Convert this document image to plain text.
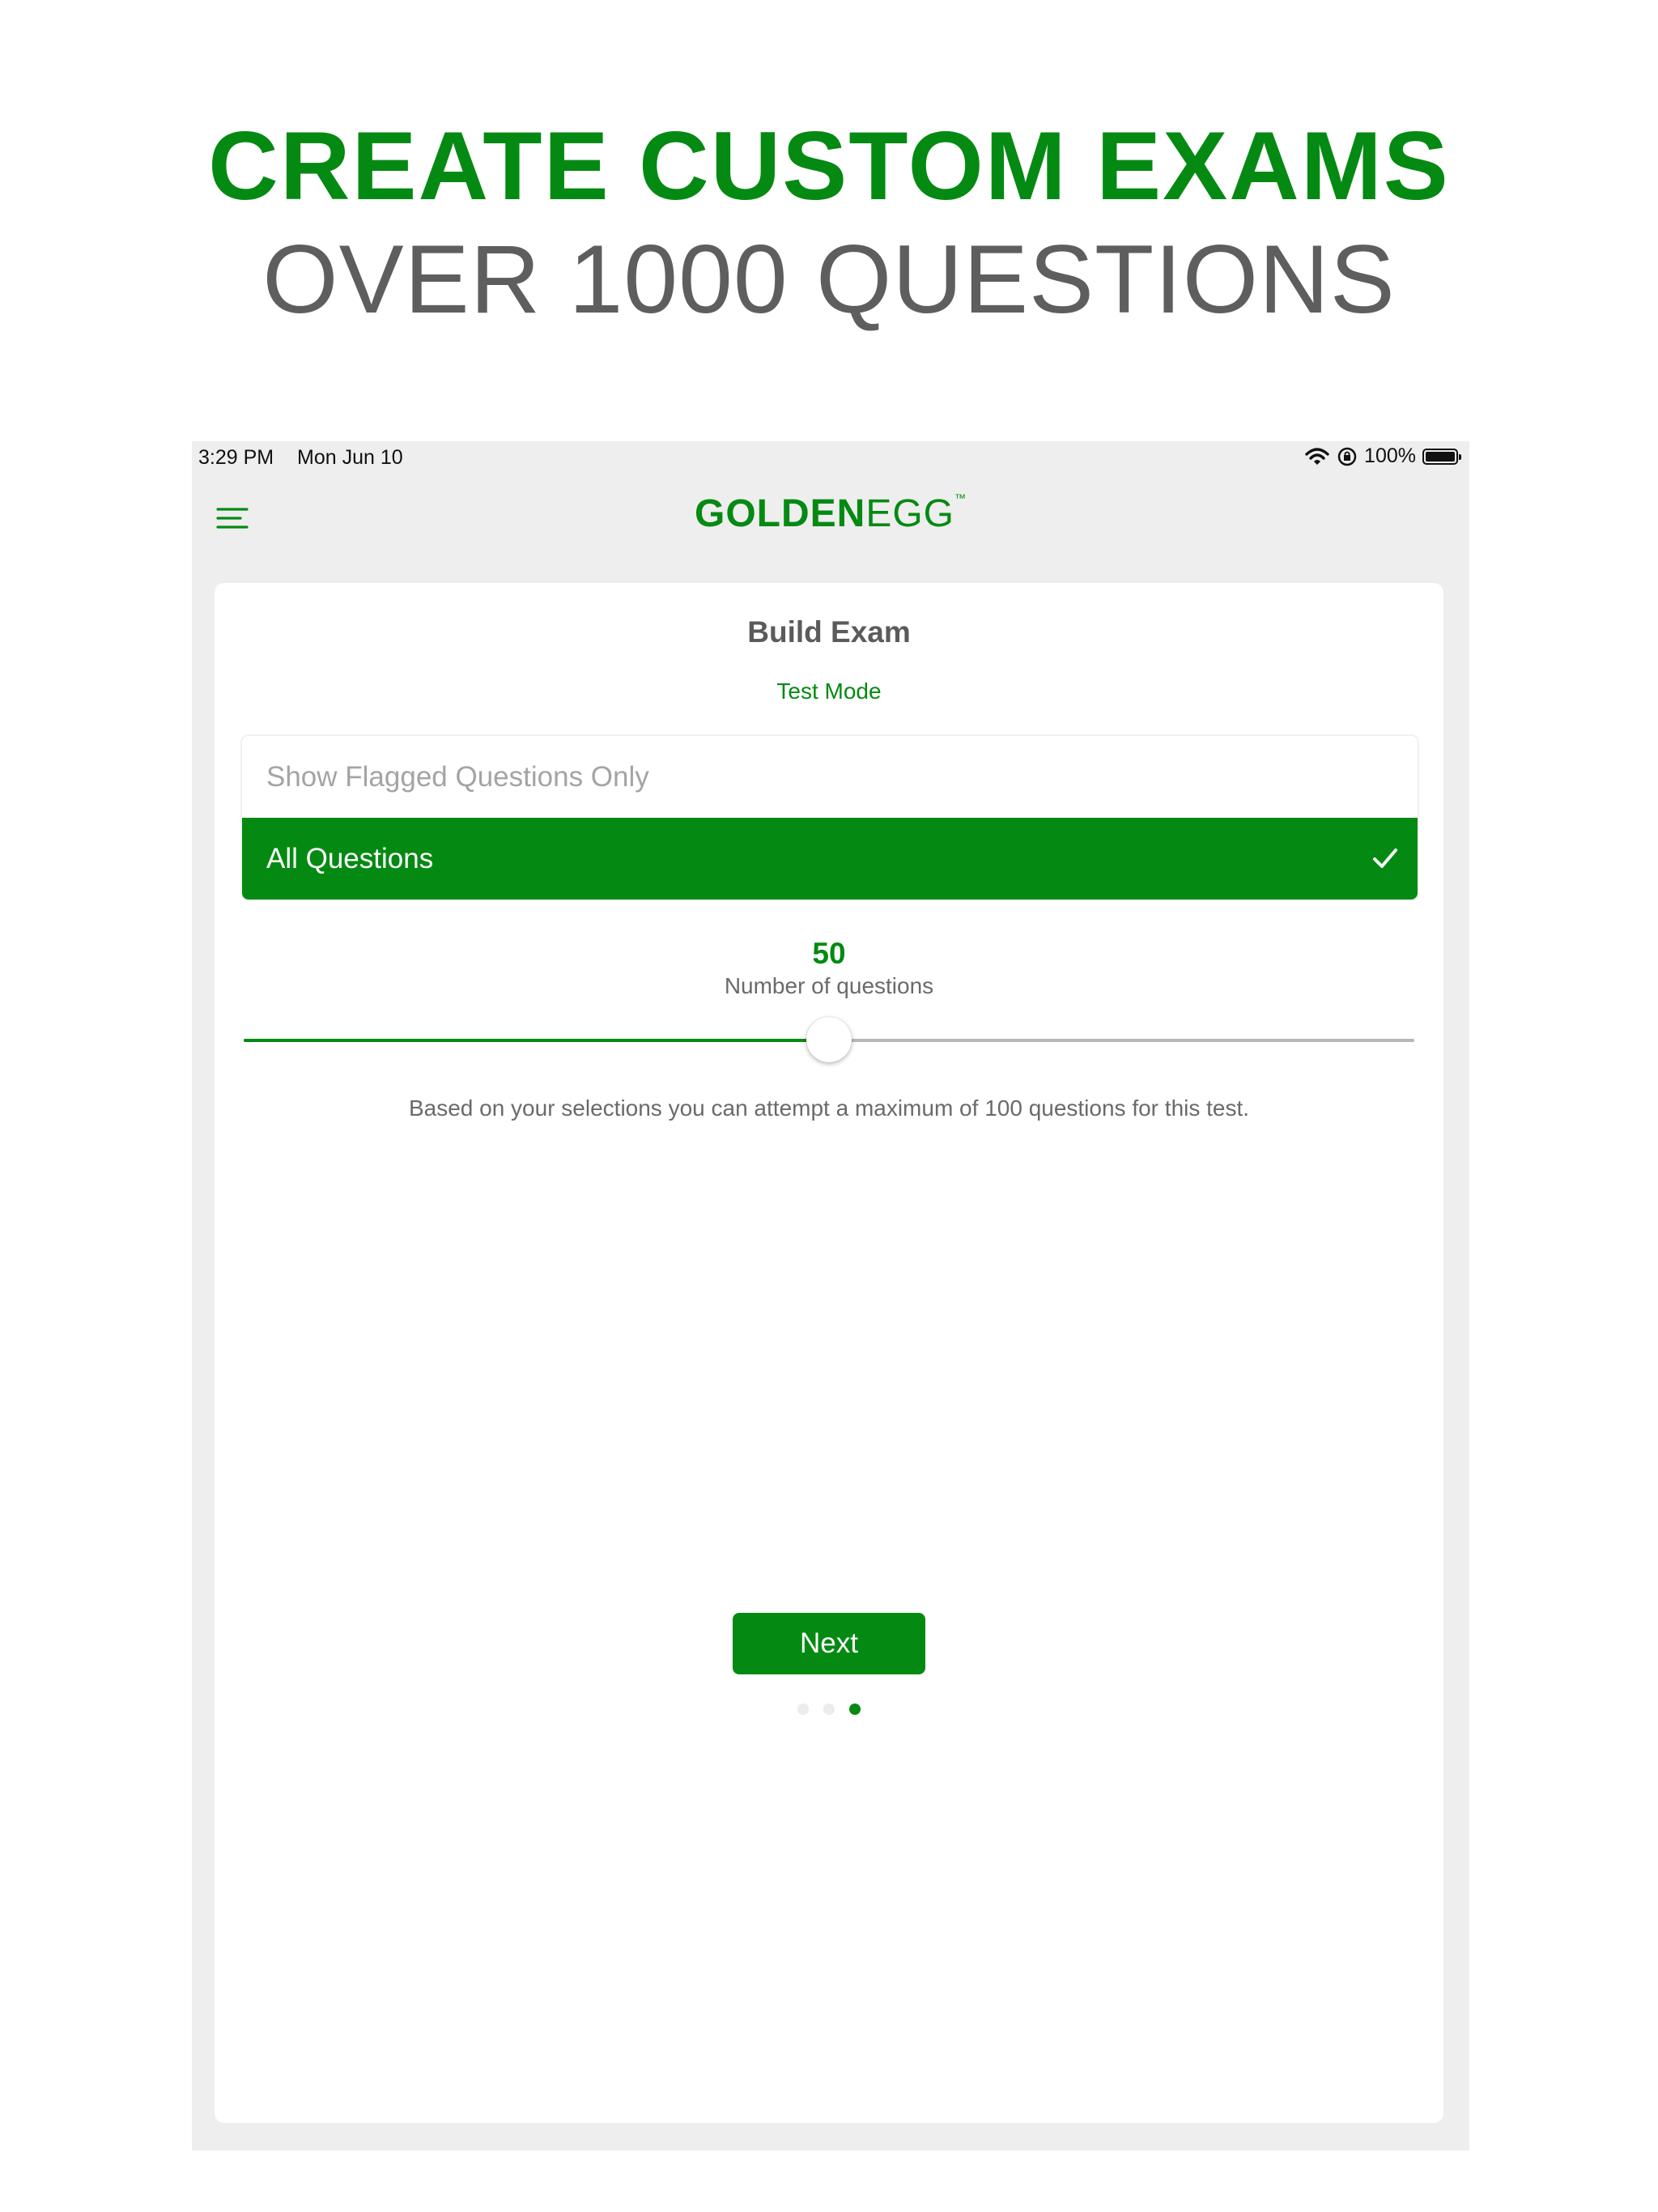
CREATE CUSTOM EXAMS
OVER 1000 QUESTIONS
3:29 PM Mon Jun 10	100%
GOLDENEGG™
Build Exam
Test Mode
Show Flagged Questions Only
All Questions
50
Number of questions
Based on your selections you can attempt a maximum of 100 questions for this test.
Next
